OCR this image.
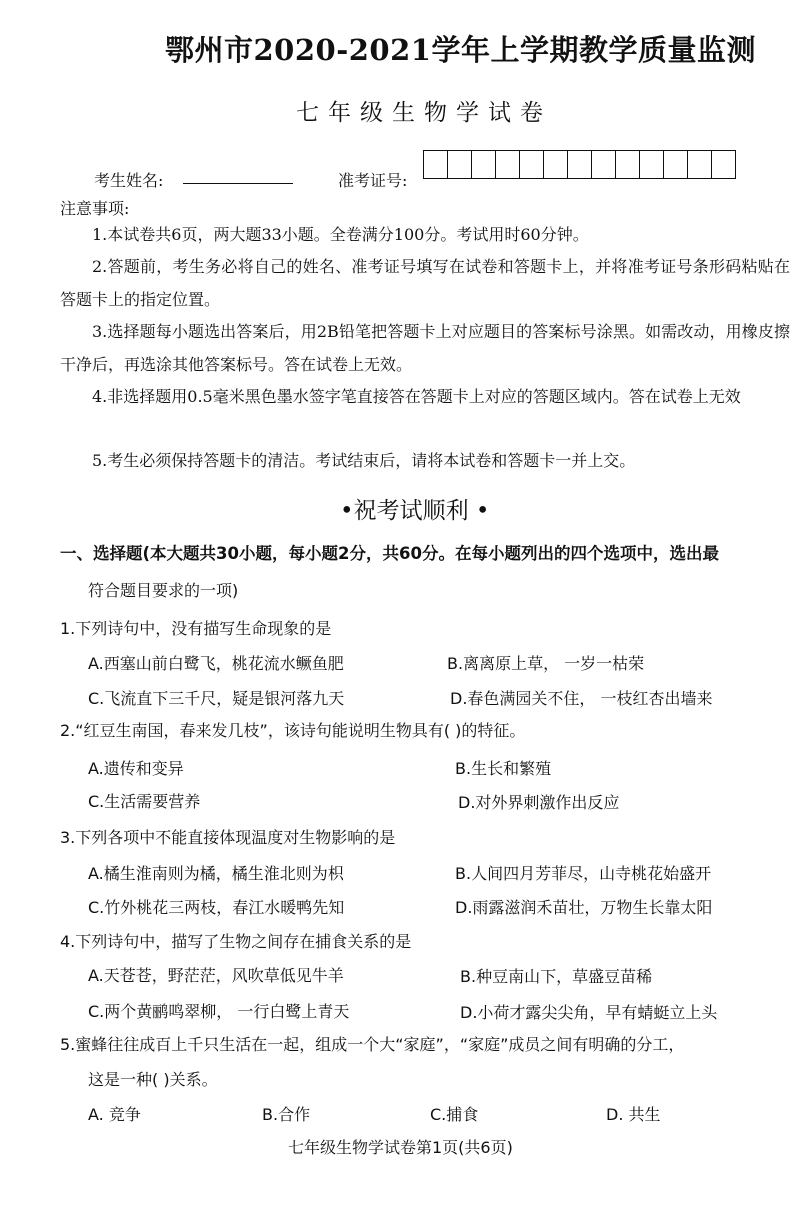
鄂州市2020-2021学年上学期教学质量监测
七年级生物学试卷
考生姓名:	准考证号:
注意事项:
1.本试卷共6页，两大题33小题。全卷满分100分。考试用时60分钟。
2.答题前，考生务必将自己的姓名、准考证号填写在试卷和答题卡上，并将准考证号条形码粘贴在答题卡上的指定位置。
3.选择题每小题选出答案后，用2B铅笔把答题卡上对应题目的答案标号涂黑。如需改动，用橡皮擦干净后，再选涂其他答案标号。答在试卷上无效。
4.非选择题用0.5毫米黑色墨水签字笔直接答在答题卡上对应的答题区域内。答在试卷上无效
5.考生必须保持答题卡的清洁。考试结束后，请将本试卷和答题卡一并上交。
•祝考试顺利 •
一、选择题(本大题共30小题，每小题2分，共60分。在每小题列出的四个选项中，选出最
符合题目要求的一项)
1.下列诗句中，没有描写生命现象的是
A.西塞山前白鹭飞，桃花流水鳜鱼肥	B.离离原上草， 一岁一枯荣
C.飞流直下三千尺，疑是银河落九天	D.春色满园关不住， 一枝红杏出墙来
2.“红豆生南国，春来发几枝”，该诗句能说明生物具有( )的特征。
A.遗传和变异	B.生长和繁殖
C.生活需要营养	D.对外界刺激作出反应
3.下列各项中不能直接体现温度对生物影响的是
A.橘生淮南则为橘，橘生淮北则为枳	B.人间四月芳菲尽，山寺桃花始盛开
C.竹外桃花三两枝，春江水暖鸭先知	D.雨露滋润禾苗壮，万物生长靠太阳
4.下列诗句中，描写了生物之间存在捕食关系的是
A.天苍苍，野茫茫，风吹草低见牛羊	B.种豆南山下，草盛豆苗稀
C.两个黄鹂鸣翠柳， 一行白鹭上青天	D.小荷才露尖尖角，早有蜻蜓立上头
5.蜜蜂往往成百上千只生活在一起，组成一个大“家庭”，“家庭”成员之间有明确的分工，
这是一种( )关系。
A. 竞争	B.合作	C.捕食	D. 共生
七年级生物学试卷第1页(共6页)
